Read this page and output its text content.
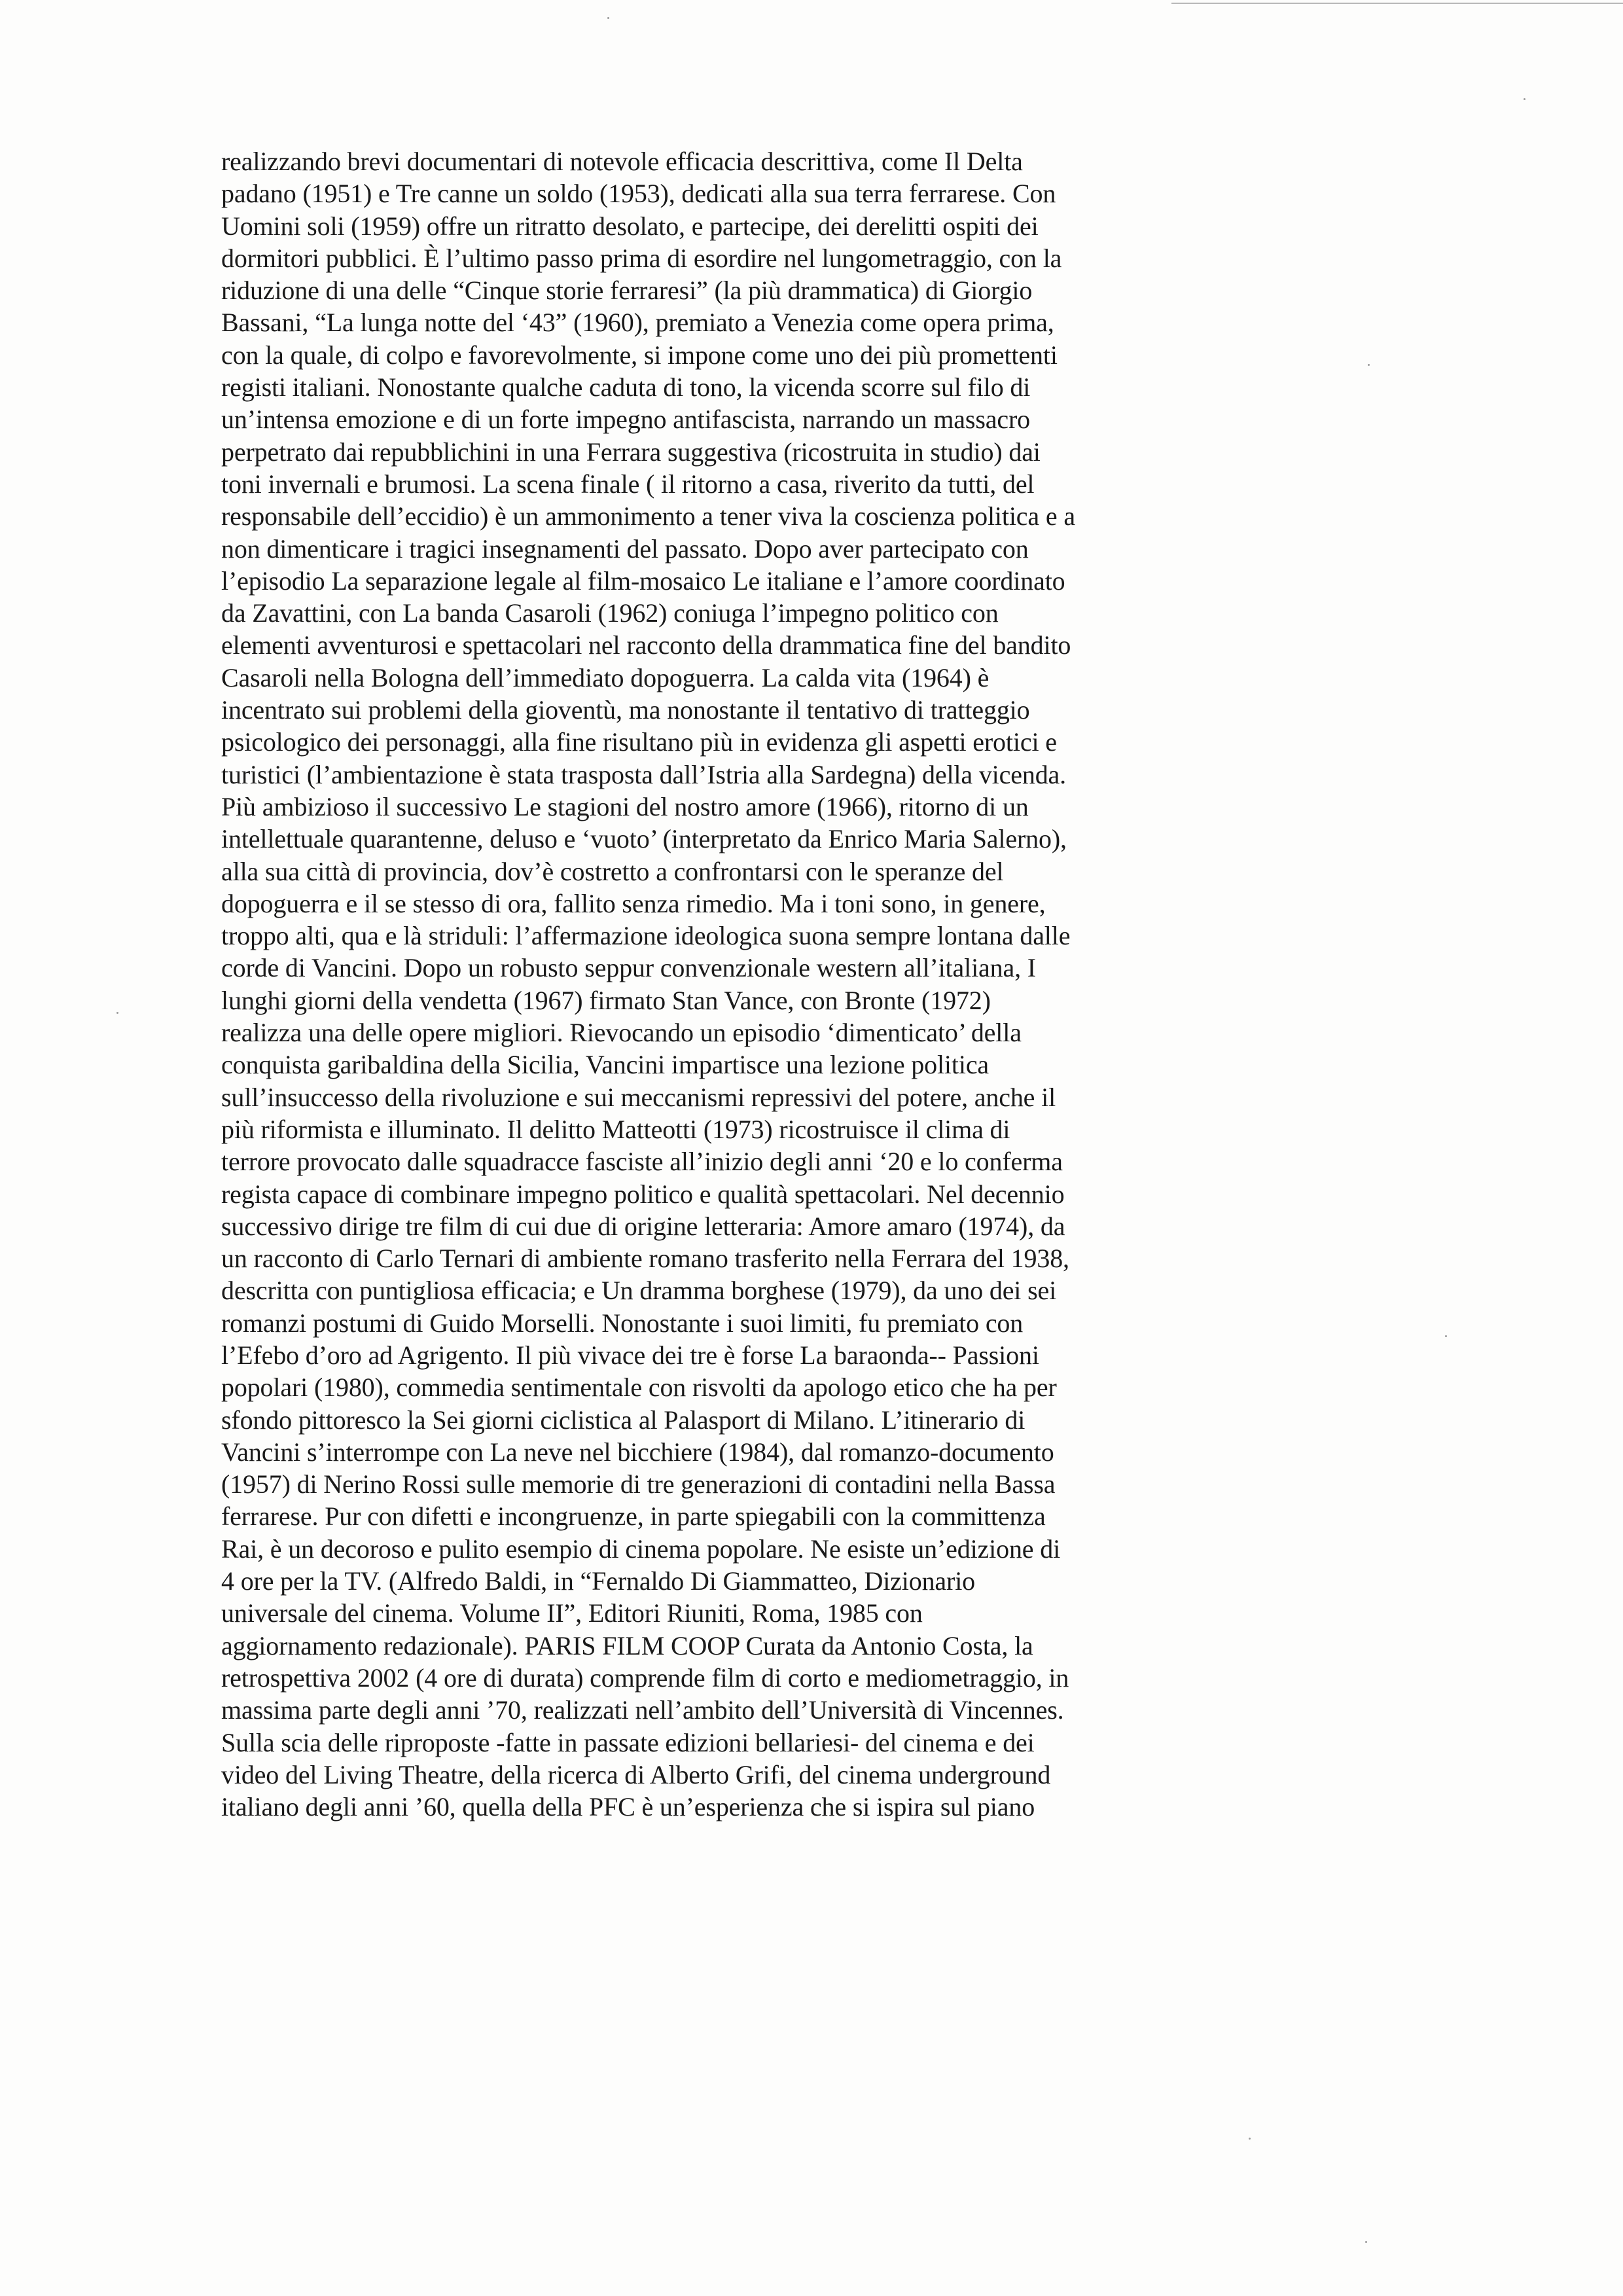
realizzando brevi documentari di notevole efficacia descrittiva, come Il Delta
padano (1951) e Tre canne un soldo (1953), dedicati alla sua terra ferrarese. Con
Uomini soli (1959) offre un ritratto desolato, e partecipe, dei derelitti ospiti dei
dormitori pubblici. È l’ultimo passo prima di esordire nel lungometraggio, con la
riduzione di una delle “Cinque storie ferraresi” (la più drammatica) di Giorgio
Bassani, “La lunga notte del ‘43” (1960), premiato a Venezia come opera prima,
con la quale, di colpo e favorevolmente, si impone come uno dei più promettenti
registi italiani. Nonostante qualche caduta di tono, la vicenda scorre sul filo di
un’intensa emozione e di un forte impegno antifascista, narrando un massacro
perpetrato dai repubblichini in una Ferrara suggestiva (ricostruita in studio) dai
toni invernali e brumosi. La scena finale ( il ritorno a casa, riverito da tutti, del
responsabile dell’eccidio) è un ammonimento a tener viva la coscienza politica e a
non dimenticare i tragici insegnamenti del passato. Dopo aver partecipato con
l’episodio La separazione legale al film-mosaico Le italiane e l’amore coordinato
da Zavattini, con La banda Casaroli (1962) coniuga l’impegno politico con
elementi avventurosi e spettacolari nel racconto della drammatica fine del bandito
Casaroli nella Bologna dell’immediato dopoguerra. La calda vita (1964) è
incentrato sui problemi della gioventù, ma nonostante il tentativo di tratteggio
psicologico dei personaggi, alla fine risultano più in evidenza gli aspetti erotici e
turistici (l’ambientazione è stata trasposta dall’Istria alla Sardegna) della vicenda.
Più ambizioso il successivo Le stagioni del nostro amore (1966), ritorno di un
intellettuale quarantenne, deluso e ‘vuoto’ (interpretato da Enrico Maria Salerno),
alla sua città di provincia, dov’è costretto a confrontarsi con le speranze del
dopoguerra e il se stesso di ora, fallito senza rimedio. Ma i toni sono, in genere,
troppo alti, qua e là striduli: l’affermazione ideologica suona sempre lontana dalle
corde di Vancini. Dopo un robusto seppur convenzionale western all’italiana, I
lunghi giorni della vendetta (1967) firmato Stan Vance, con Bronte (1972)
realizza una delle opere migliori. Rievocando un episodio ‘dimenticato’ della
conquista garibaldina della Sicilia, Vancini impartisce una lezione politica
sull’insuccesso della rivoluzione e sui meccanismi repressivi del potere, anche il
più riformista e illuminato. Il delitto Matteotti (1973) ricostruisce il clima di
terrore provocato dalle squadracce fasciste all’inizio degli anni ‘20 e lo conferma
regista capace di combinare impegno politico e qualità spettacolari. Nel decennio
successivo dirige tre film di cui due di origine letteraria: Amore amaro (1974), da
un racconto di Carlo Ternari di ambiente romano trasferito nella Ferrara del 1938,
descritta con puntigliosa efficacia; e Un dramma borghese (1979), da uno dei sei
romanzi postumi di Guido Morselli. Nonostante i suoi limiti, fu premiato con
l’Efebo d’oro ad Agrigento. Il più vivace dei tre è forse La baraonda-- Passioni
popolari (1980), commedia sentimentale con risvolti da apologo etico che ha per
sfondo pittoresco la Sei giorni ciclistica al Palasport di Milano. L’itinerario di
Vancini s’interrompe con La neve nel bicchiere (1984), dal romanzo-documento
(1957) di Nerino Rossi sulle memorie di tre generazioni di contadini nella Bassa
ferrarese. Pur con difetti e incongruenze, in parte spiegabili con la committenza
Rai, è un decoroso e pulito esempio di cinema popolare. Ne esiste un’edizione di
4 ore per la TV. (Alfredo Baldi, in “Fernaldo Di Giammatteo, Dizionario
universale del cinema. Volume II”, Editori Riuniti, Roma, 1985 con
aggiornamento redazionale). PARIS FILM COOP Curata da Antonio Costa, la
retrospettiva 2002 (4 ore di durata) comprende film di corto e mediometraggio, in
massima parte degli anni ’70, realizzati nell’ambito dell’Università di Vincennes.
Sulla scia delle riproposte -fatte in passate edizioni bellariesi- del cinema e dei
video del Living Theatre, della ricerca di Alberto Grifi, del cinema underground
italiano degli anni ’60, quella della PFC è un’esperienza che si ispira sul piano
